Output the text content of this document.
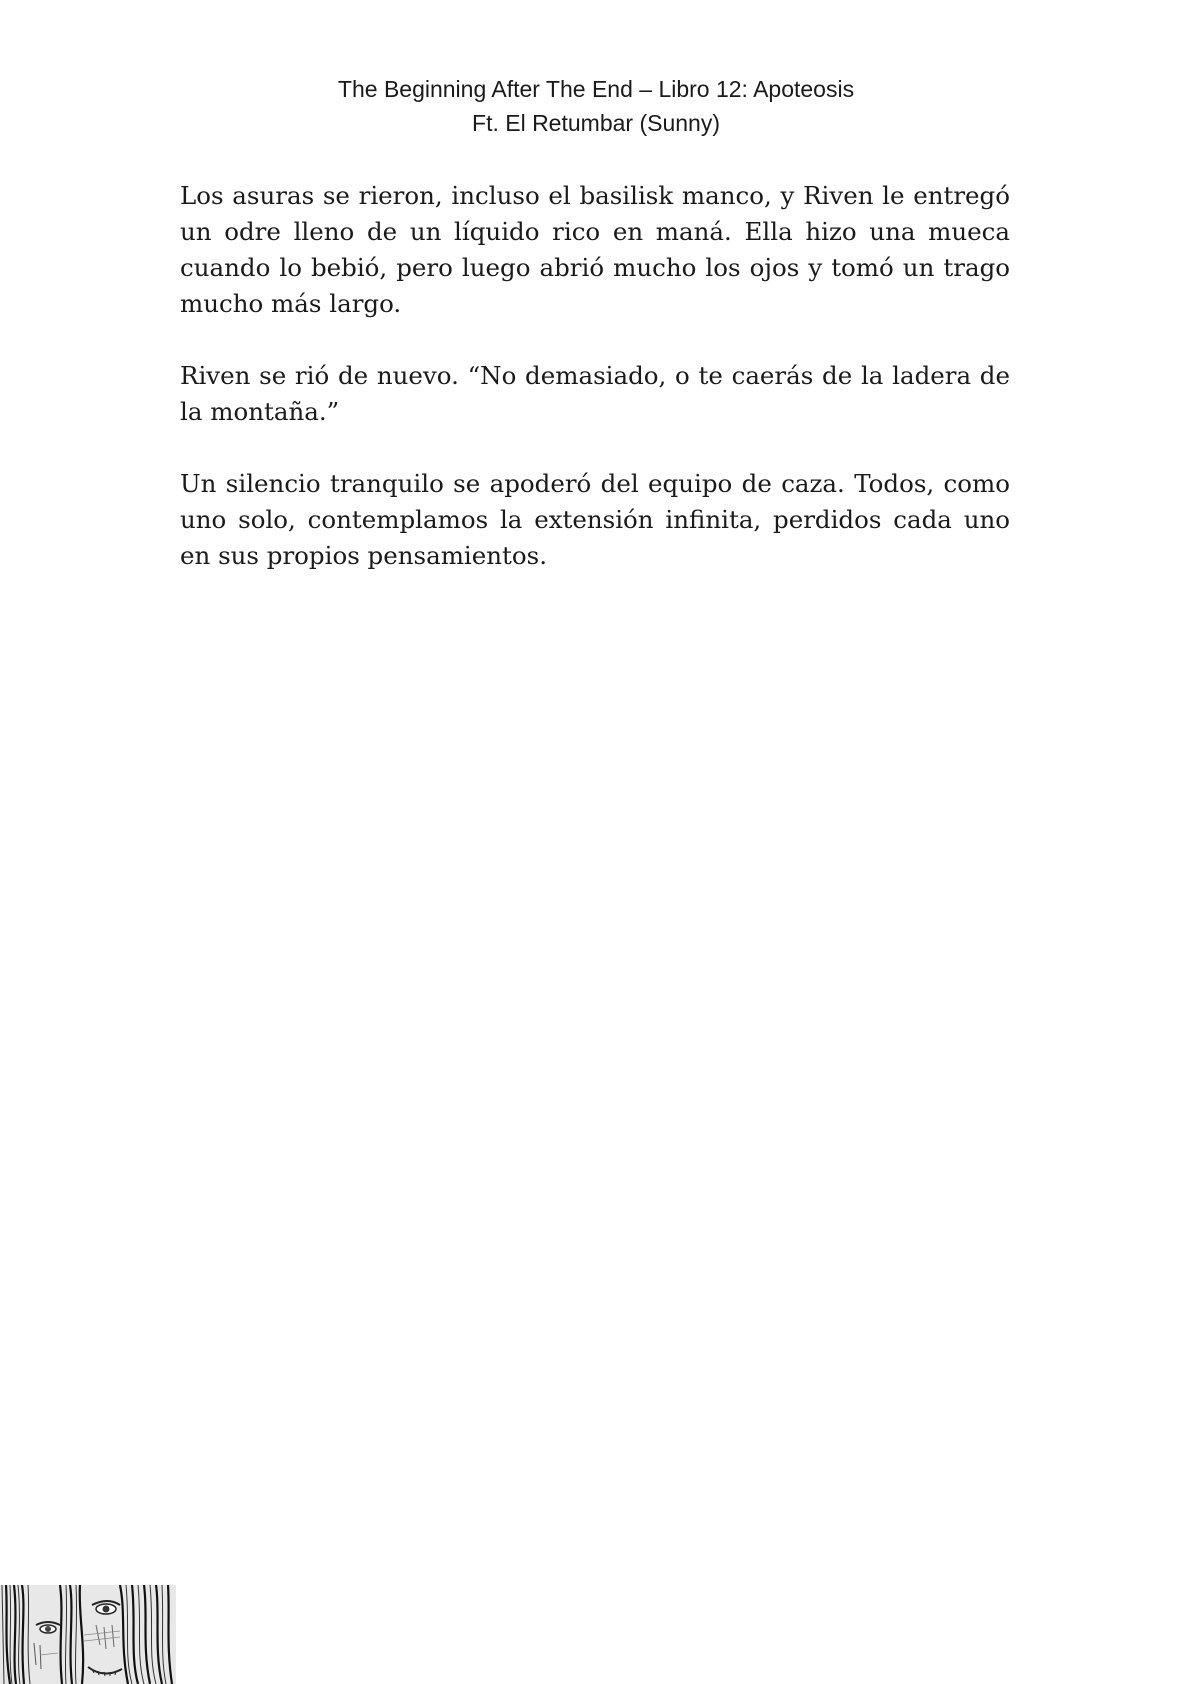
The Beginning After The End – Libro 12: Apoteosis
Ft. El Retumbar (Sunny)

Los asuras se rieron, incluso el basilisk manco, y Riven le entregó un odre lleno de un líquido rico en maná. Ella hizo una mueca cuando lo bebió, pero luego abrió mucho los ojos y tomó un trago mucho más largo.

Riven se rió de nuevo. “No demasiado, o te caerás de la ladera de la montaña.”

Un silencio tranquilo se apoderó del equipo de caza. Todos, como uno solo, contemplamos la extensión infinita, perdidos cada uno en sus propios pensamientos.
